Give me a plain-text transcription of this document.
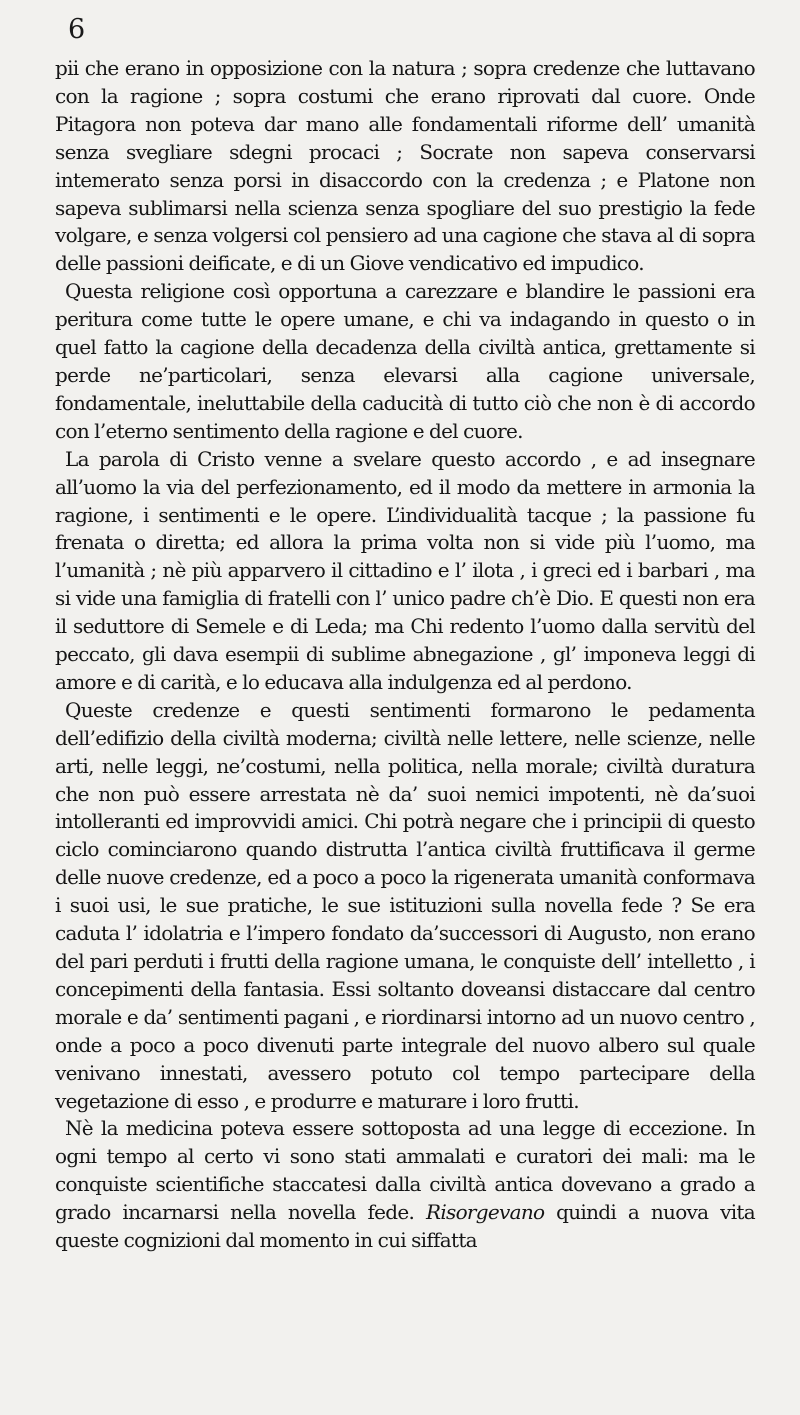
6

pii che erano in opposizione con la natura ; sopra credenze che luttavano con la ragione ; sopra costumi che erano riprovati dal cuore. Onde Pitagora non poteva dar mano alle fondamentali riforme dell’ umanità senza svegliare sdegni procaci ; Socrate non sapeva conservarsi intemerato senza porsi in disaccordo con la credenza ; e Platone non sapeva sublimarsi nella scienza senza spogliare del suo prestigio la fede volgare, e senza volgersi col pensiero ad una cagione che stava al di sopra delle passioni deificate, e di un Giove vendicativo ed impudico.

Questa religione così opportuna a carezzare e blandire le passioni era peritura come tutte le opere umane, e chi va indagando in questo o in quel fatto la cagione della decadenza della civiltà antica, grettamente si perde ne’particolari, senza elevarsi alla cagione universale, fondamentale, ineluttabile della caducità di tutto ciò che non è di accordo con l’eterno sentimento della ragione e del cuore.

La parola di Cristo venne a svelare questo accordo , e ad insegnare all’uomo la via del perfezionamento, ed il modo da mettere in armonia la ragione, i sentimenti e le opere. L’individualità tacque ; la passione fu frenata o diretta; ed allora la prima volta non si vide più l’uomo, ma l’umanità ; nè più apparvero il cittadino e l’ ilota , i greci ed i barbari , ma si vide una famiglia di fratelli con l’ unico padre ch’è Dio. E questi non era il seduttore di Semele e di Leda; ma Chi redento l’uomo dalla servitù del peccato, gli dava esempii di sublime abnegazione , gl’ imponeva leggi di amore e di carità, e lo educava alla indulgenza ed al perdono.

Queste credenze e questi sentimenti formarono le pedamenta dell’edifizio della civiltà moderna; civiltà nelle lettere, nelle scienze, nelle arti, nelle leggi, ne’costumi, nella politica, nella morale; civiltà duratura che non può essere arrestata nè da’ suoi nemici impotenti, nè da’suoi intolleranti ed improvvidi amici. Chi potrà negare che i principii di questo ciclo cominciarono quando distrutta l’antica civiltà fruttificava il germe delle nuove credenze, ed a poco a poco la rigenerata umanità conformava i suoi usi, le sue pratiche, le sue istituzioni sulla novella fede ? Se era caduta l’ idolatria e l’impero fondato da’successori di Augusto, non erano del pari perduti i frutti della ragione umana, le conquiste dell’ intelletto , i concepimenti della fantasia. Essi soltanto doveansi distaccare dal centro morale e da’ sentimenti pagani , e riordinarsi intorno ad un nuovo centro , onde a poco a poco divenuti parte integrale del nuovo albero sul quale venivano innestati, avessero potuto col tempo partecipare della vegetazione di esso , e produrre e maturare i loro frutti.

Nè la medicina poteva essere sottoposta ad una legge di eccezione. In ogni tempo al certo vi sono stati ammalati e curatori dei mali: ma le conquiste scientifiche staccatesi dalla civiltà antica dovevano a grado a grado incarnarsi nella novella fede. Risorgevano quindi a nuova vita queste cognizioni dal momento in cui siffatta
